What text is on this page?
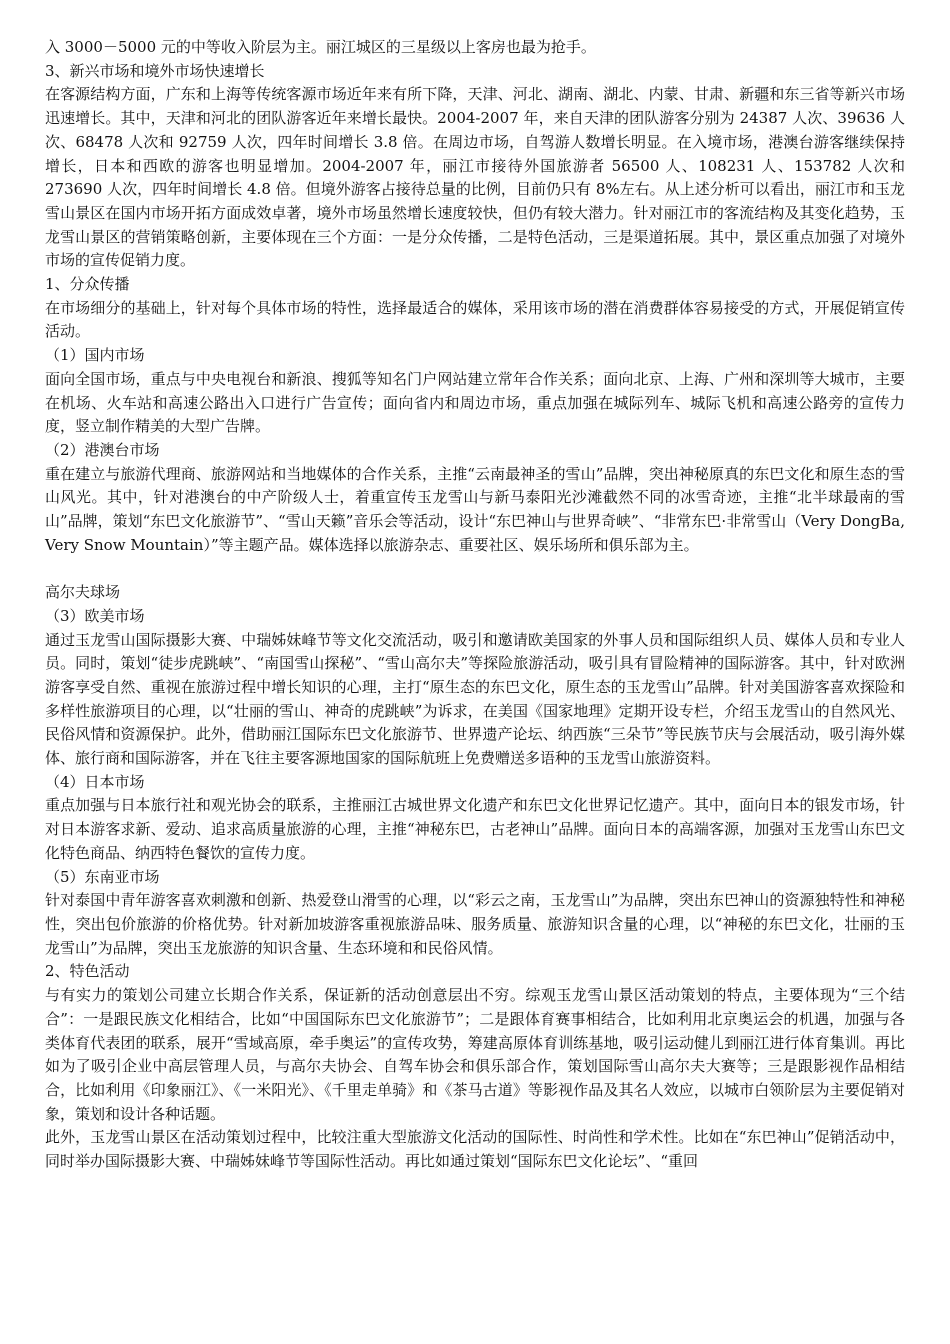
入 3000－5000 元的中等收入阶层为主。丽江城区的三星级以上客房也最为抢手。

3、新兴市场和境外市场快速增长

在客源结构方面，广东和上海等传统客源市场近年来有所下降，天津、河北、湖南、湖北、内蒙、甘肃、新疆和东三省等新兴市场迅速增长。其中，天津和河北的团队游客近年来增长最快。2004-2007 年，来自天津的团队游客分别为 24387 人次、39636 人次、68478 人次和 92759 人次，四年时间增长 3.8 倍。在周边市场，自驾游人数增长明显。在入境市场，港澳台游客继续保持增长，日本和西欧的游客也明显增加。2004-2007 年，丽江市接待外国旅游者 56500 人、108231 人、153782 人次和 273690 人次，四年时间增长 4.8 倍。但境外游客占接待总量的比例，目前仍只有 8%左右。从上述分析可以看出，丽江市和玉龙雪山景区在国内市场开拓方面成效卓著，境外市场虽然增长速度较快，但仍有较大潜力。针对丽江市的客流结构及其变化趋势，玉龙雪山景区的营销策略创新，主要体现在三个方面：一是分众传播，二是特色活动，三是渠道拓展。其中，景区重点加强了对境外市场的宣传促销力度。

1、分众传播

在市场细分的基础上，针对每个具体市场的特性，选择最适合的媒体，采用该市场的潜在消费群体容易接受的方式，开展促销宣传活动。

（1）国内市场

面向全国市场，重点与中央电视台和新浪、搜狐等知名门户网站建立常年合作关系；面向北京、上海、广州和深圳等大城市，主要在机场、火车站和高速公路出入口进行广告宣传；面向省内和周边市场，重点加强在城际列车、城际飞机和高速公路旁的宣传力度，竖立制作精美的大型广告牌。

（2）港澳台市场

重在建立与旅游代理商、旅游网站和当地媒体的合作关系，主推“云南最神圣的雪山”品牌，突出神秘原真的东巴文化和原生态的雪山风光。其中，针对港澳台的中产阶级人士，着重宣传玉龙雪山与新马泰阳光沙滩截然不同的冰雪奇迹，主推“北半球最南的雪山”品牌，策划“东巴文化旅游节”、“雪山天籁”音乐会等活动，设计“东巴神山与世界奇峡”、“非常东巴·非常雪山（Very DongBa, Very Snow Mountain）”等主题产品。媒体选择以旅游杂志、重要社区、娱乐场所和俱乐部为主。

高尔夫球场

（3）欧美市场

通过玉龙雪山国际摄影大赛、中瑞姊妹峰节等文化交流活动，吸引和邀请欧美国家的外事人员和国际组织人员、媒体人员和专业人员。同时，策划“徒步虎跳峡”、“南国雪山探秘”、“雪山高尔夫”等探险旅游活动，吸引具有冒险精神的国际游客。其中，针对欧洲游客享受自然、重视在旅游过程中增长知识的心理，主打“原生态的东巴文化，原生态的玉龙雪山”品牌。针对美国游客喜欢探险和多样性旅游项目的心理，以“壮丽的雪山、神奇的虎跳峡”为诉求，在美国《国家地理》定期开设专栏，介绍玉龙雪山的自然风光、民俗风情和资源保护。此外，借助丽江国际东巴文化旅游节、世界遗产论坛、纳西族“三朵节”等民族节庆与会展活动，吸引海外媒体、旅行商和国际游客，并在飞往主要客源地国家的国际航班上免费赠送多语种的玉龙雪山旅游资料。

（4）日本市场

重点加强与日本旅行社和观光协会的联系，主推丽江古城世界文化遗产和东巴文化世界记忆遗产。其中，面向日本的银发市场，针对日本游客求新、爱动、追求高质量旅游的心理，主推“神秘东巴，古老神山”品牌。面向日本的高端客源，加强对玉龙雪山东巴文化特色商品、纳西特色餐饮的宣传力度。

（5）东南亚市场

针对泰国中青年游客喜欢刺激和创新、热爱登山滑雪的心理，以“彩云之南，玉龙雪山”为品牌，突出东巴神山的资源独特性和神秘性，突出包价旅游的价格优势。针对新加坡游客重视旅游品味、服务质量、旅游知识含量的心理，以“神秘的东巴文化，壮丽的玉龙雪山”为品牌，突出玉龙旅游的知识含量、生态环境和和民俗风情。

2、特色活动

与有实力的策划公司建立长期合作关系，保证新的活动创意层出不穷。综观玉龙雪山景区活动策划的特点，主要体现为“三个结合”：一是跟民族文化相结合，比如“中国国际东巴文化旅游节”；二是跟体育赛事相结合，比如利用北京奥运会的机遇，加强与各类体育代表团的联系，展开“雪域高原，牵手奥运”的宣传攻势，筹建高原体育训练基地，吸引运动健儿到丽江进行体育集训。再比如为了吸引企业中高层管理人员，与高尔夫协会、自驾车协会和俱乐部合作，策划国际雪山高尔夫大赛等；三是跟影视作品相结合，比如利用《印象丽江》、《一米阳光》、《千里走单骑》和《茶马古道》等影视作品及其名人效应，以城市白领阶层为主要促销对象，策划和设计各种话题。

此外，玉龙雪山景区在活动策划过程中，比较注重大型旅游文化活动的国际性、时尚性和学术性。比如在“东巴神山”促销活动中，同时举办国际摄影大赛、中瑞姊妹峰节等国际性活动。再比如通过策划“国际东巴文化论坛”、“重回
